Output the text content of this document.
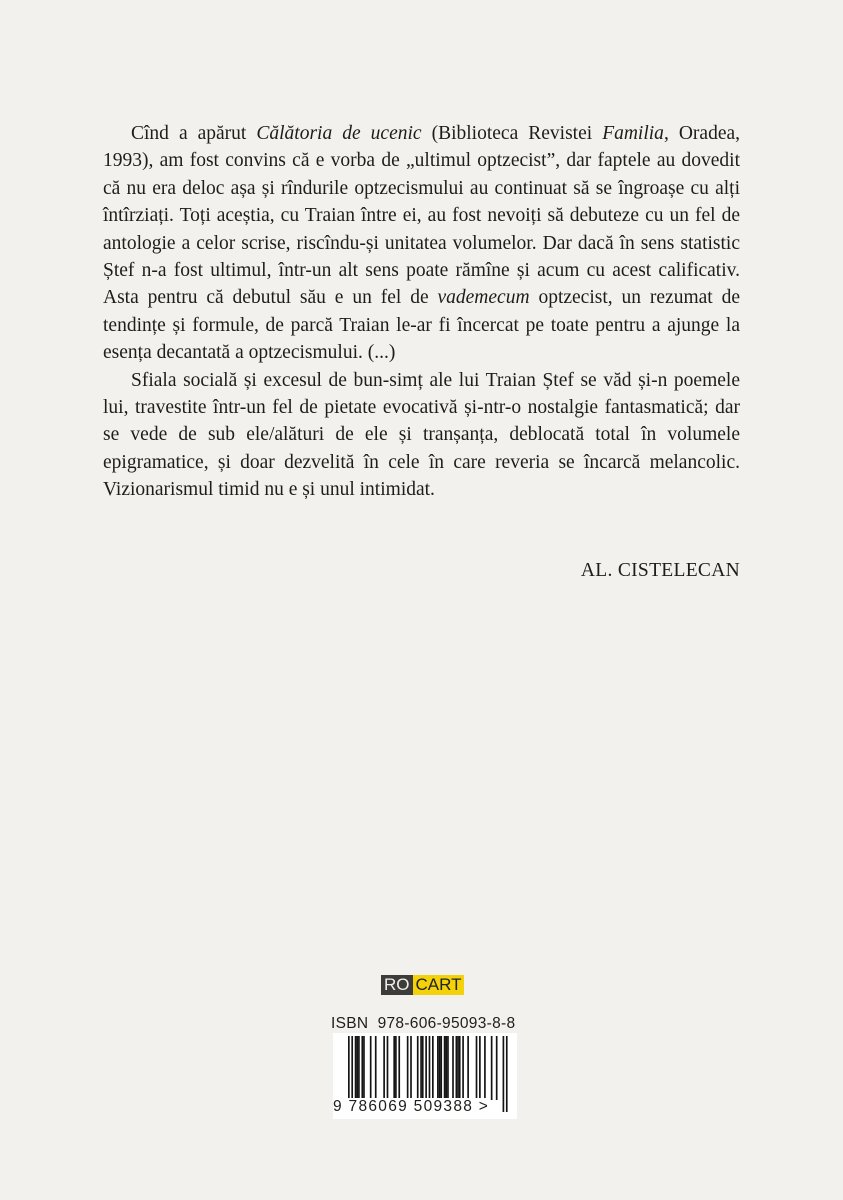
Cînd a apărut Călătoria de ucenic (Biblioteca Revistei Familia, Oradea, 1993), am fost convins că e vorba de „ultimul optzecist”, dar faptele au dovedit că nu era deloc așa și rîndurile optzecismului au continuat să se îngroașe cu alți întîrziați. Toți aceștia, cu Traian între ei, au fost nevoiți să debuteze cu un fel de antologie a celor scrise, riscîndu-și unitatea volumelor. Dar dacă în sens statistic Ștef n-a fost ultimul, într-un alt sens poate rămîne și acum cu acest calificativ. Asta pentru că debutul său e un fel de vademecum optzecist, un rezumat de tendințe și formule, de parcă Traian le-ar fi încercat pe toate pentru a ajunge la esența decantată a optzecismului. (...)

Sfiala socială și excesul de bun-simț ale lui Traian Ștef se văd și-n poemele lui, travestite într-un fel de pietate evocativă și-ntr-o nostalgie fantasmatică; dar se vede de sub ele/alături de ele și tranșanța, deblocată total în volumele epigramatice, și doar dezvelită în cele în care reveria se încarcă melancolic. Vizionarismul timid nu e și unul intimidat.

AL. CISTELECAN
RO CART
ISBN  978-606-95093-8-8
9 786069 509388 >
